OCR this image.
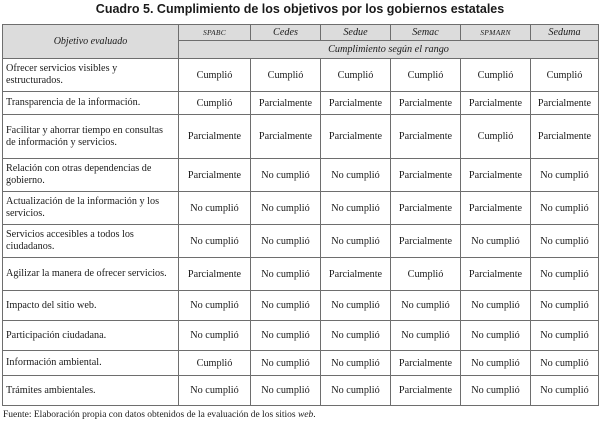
Cuadro 5. Cumplimiento de los objetivos por los gobiernos estatales
Objetivo evaluado	SPABC	Cedes	Sedue	Semac	SPMARN	Seduma
	Cumplimiento según el rango					
Ofrecer servicios visibles y estructurados.	Cumplió	Cumplió	Cumplió	Cumplió	Cumplió	Cumplió
Transparencia de la información.	Cumplió	Parcialmente	Parcialmente	Parcialmente	Parcialmente	Parcialmente
Facilitar y ahorrar tiempo en consultas de información y servicios.	Parcialmente	Parcialmente	Parcialmente	Parcialmente	Cumplió	Parcialmente
Relación con otras dependencias de gobierno.	Parcialmente	No cumplió	No cumplió	Parcialmente	Parcialmente	No cumplió
Actualización de la información y los servicios.	No cumplió	No cumplió	No cumplió	Parcialmente	Parcialmente	No cumplió
Servicios accesibles a todos los ciudadanos.	No cumplió	No cumplió	No cumplió	Parcialmente	No cumplió	No cumplió
Agilizar la manera de ofrecer servicios.	Parcialmente	No cumplió	Parcialmente	Cumplió	Parcialmente	No cumplió
Impacto del sitio web.	No cumplió	No cumplió	No cumplió	No cumplió	No cumplió	No cumplió
Participación ciudadana.	No cumplió	No cumplió	No cumplió	No cumplió	No cumplió	No cumplió
Información ambiental.	Cumplió	No cumplió	No cumplió	Parcialmente	No cumplió	No cumplió
Trámites ambientales.	No cumplió	No cumplió	No cumplió	Parcialmente	No cumplió	No cumplió
Fuente: Elaboración propia con datos obtenidos de la evaluación de los sitios web.
